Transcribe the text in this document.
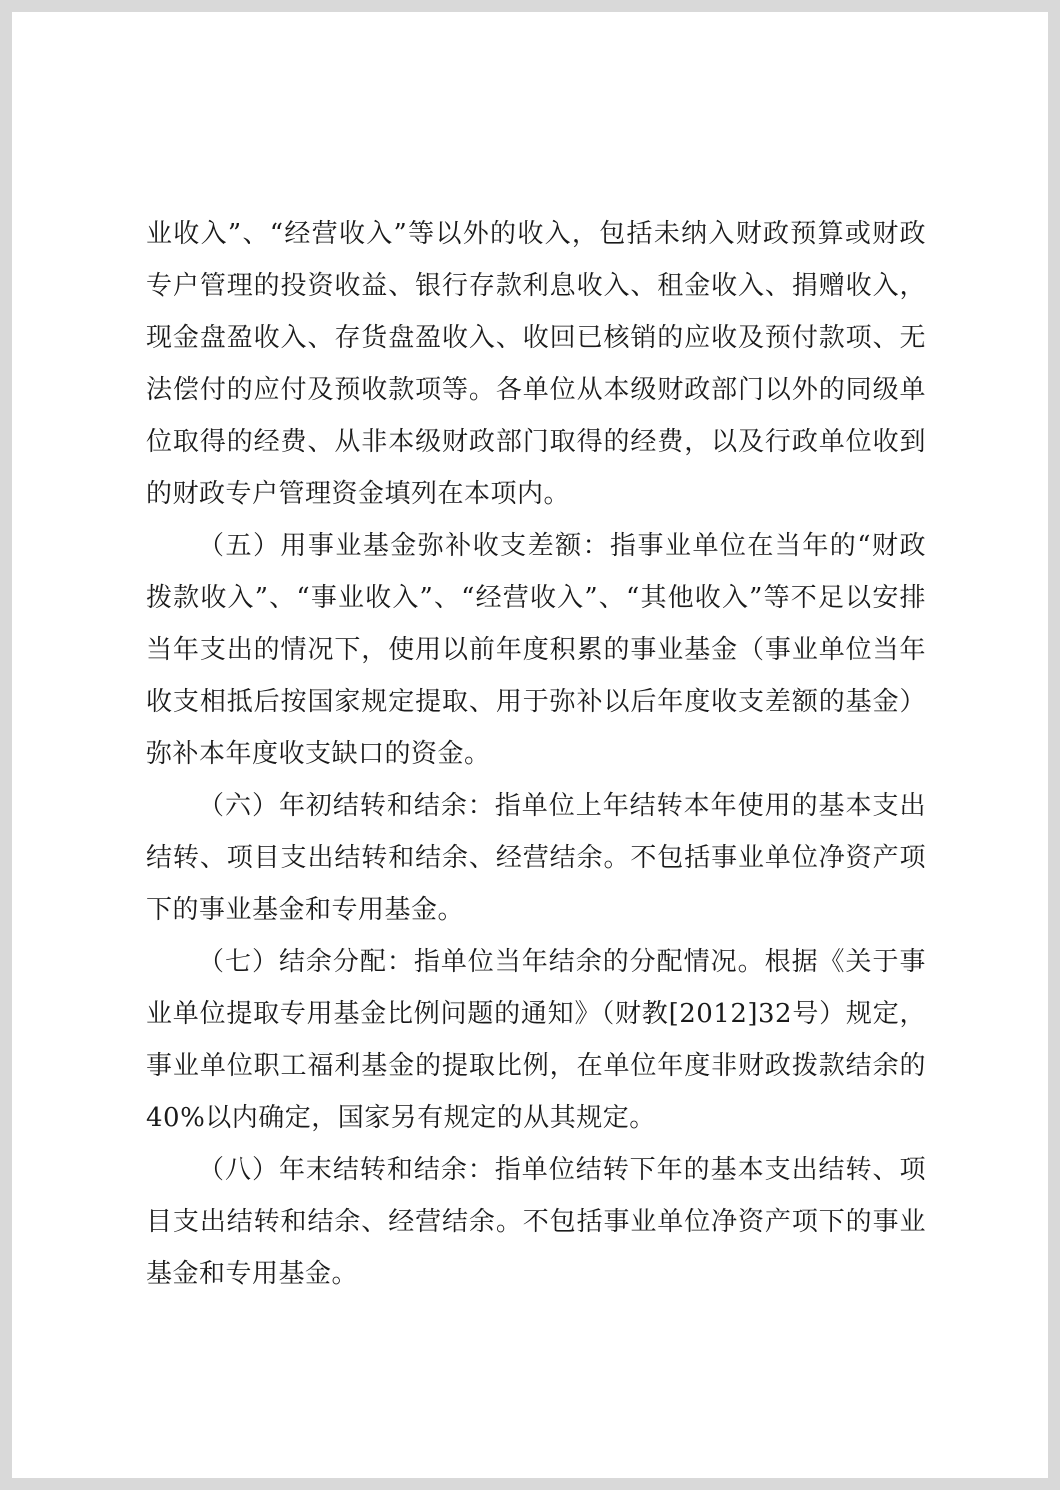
业收入”、“经营收入”等以外的收入，包括未纳入财政预算或财政专户管理的投资收益、银行存款利息收入、租金收入、捐赠收入，现金盘盈收入、存货盘盈收入、收回已核销的应收及预付款项、无法偿付的应付及预收款项等。各单位从本级财政部门以外的同级单位取得的经费、从非本级财政部门取得的经费，以及行政单位收到的财政专户管理资金填列在本项内。

（五）用事业基金弥补收支差额：指事业单位在当年的“财政拨款收入”、“事业收入”、“经营收入”、“其他收入”等不足以安排当年支出的情况下，使用以前年度积累的事业基金（事业单位当年收支相抵后按国家规定提取、用于弥补以后年度收支差额的基金）弥补本年度收支缺口的资金。

（六）年初结转和结余：指单位上年结转本年使用的基本支出结转、项目支出结转和结余、经营结余。不包括事业单位净资产项下的事业基金和专用基金。

（七）结余分配：指单位当年结余的分配情况。根据《关于事业单位提取专用基金比例问题的通知》（财教[2012]32号）规定，事业单位职工福利基金的提取比例，在单位年度非财政拨款结余的40%以内确定，国家另有规定的从其规定。

（八）年末结转和结余：指单位结转下年的基本支出结转、项目支出结转和结余、经营结余。不包括事业单位净资产项下的事业基金和专用基金。
